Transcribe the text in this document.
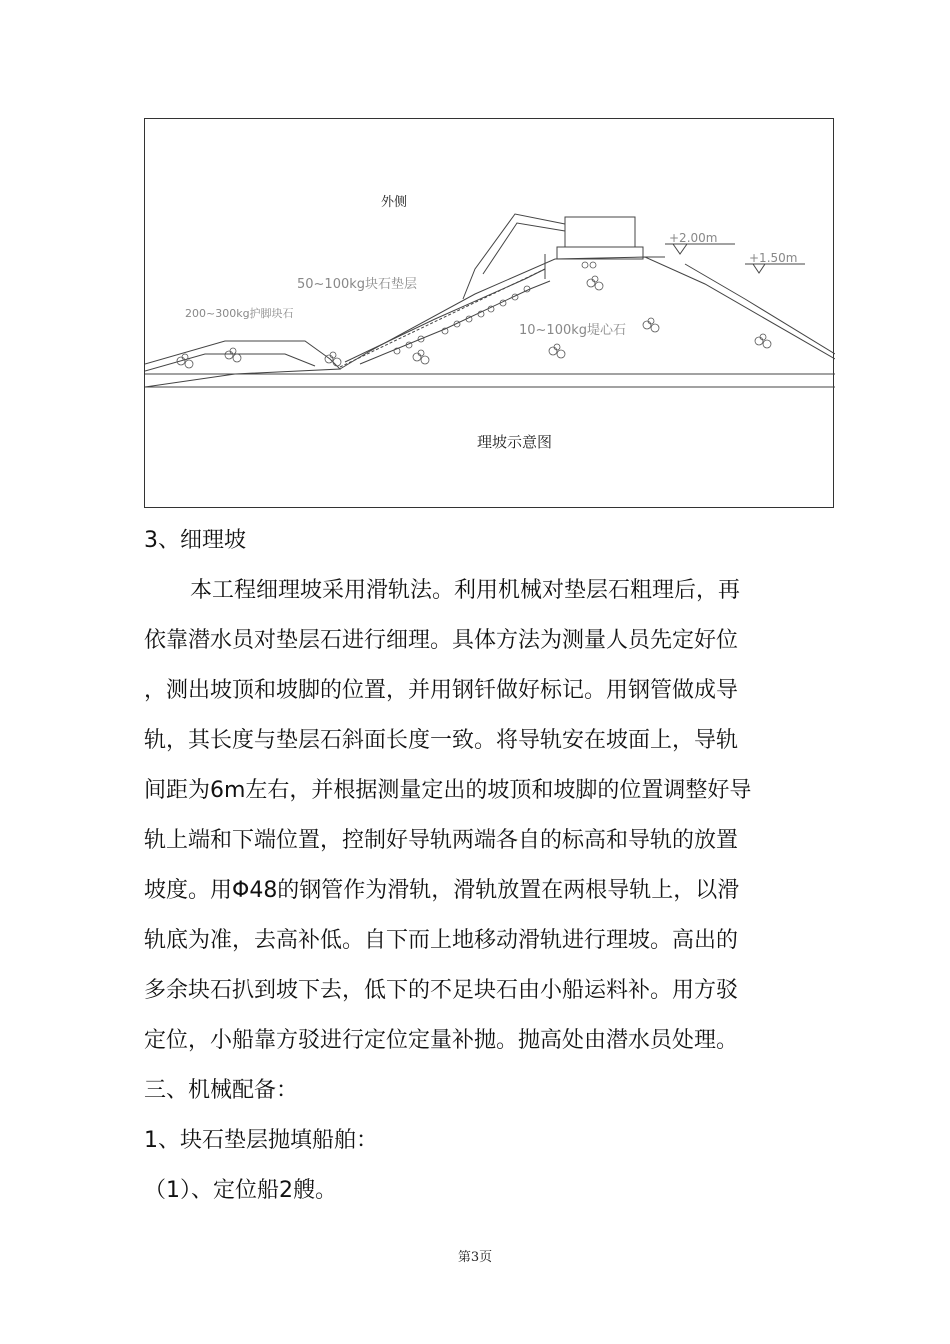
外侧
50~100kg块石垫层
200~300kg护脚块石
10~100kg堤心石
+2.00m
+1.50m
理坡示意图
3、细理坡
本工程细理坡采用滑轨法。利用机械对垫层石粗理后，再
依靠潜水员对垫层石进行细理。具体方法为测量人员先定好位
，测出坡顶和坡脚的位置，并用钢钎做好标记。用钢管做成导
轨，其长度与垫层石斜面长度一致。将导轨安在坡面上，导轨
间距为6m左右，并根据测量定出的坡顶和坡脚的位置调整好导
轨上端和下端位置，控制好导轨两端各自的标高和导轨的放置
坡度。用Φ48的钢管作为滑轨，滑轨放置在两根导轨上，以滑
轨底为准，去高补低。自下而上地移动滑轨进行理坡。高出的
多余块石扒到坡下去，低下的不足块石由小船运料补。用方驳
定位，小船靠方驳进行定位定量补抛。抛高处由潜水员处理。
三、机械配备：
1、块石垫层抛填船舶：
（1）、定位船2艘。
第3页
